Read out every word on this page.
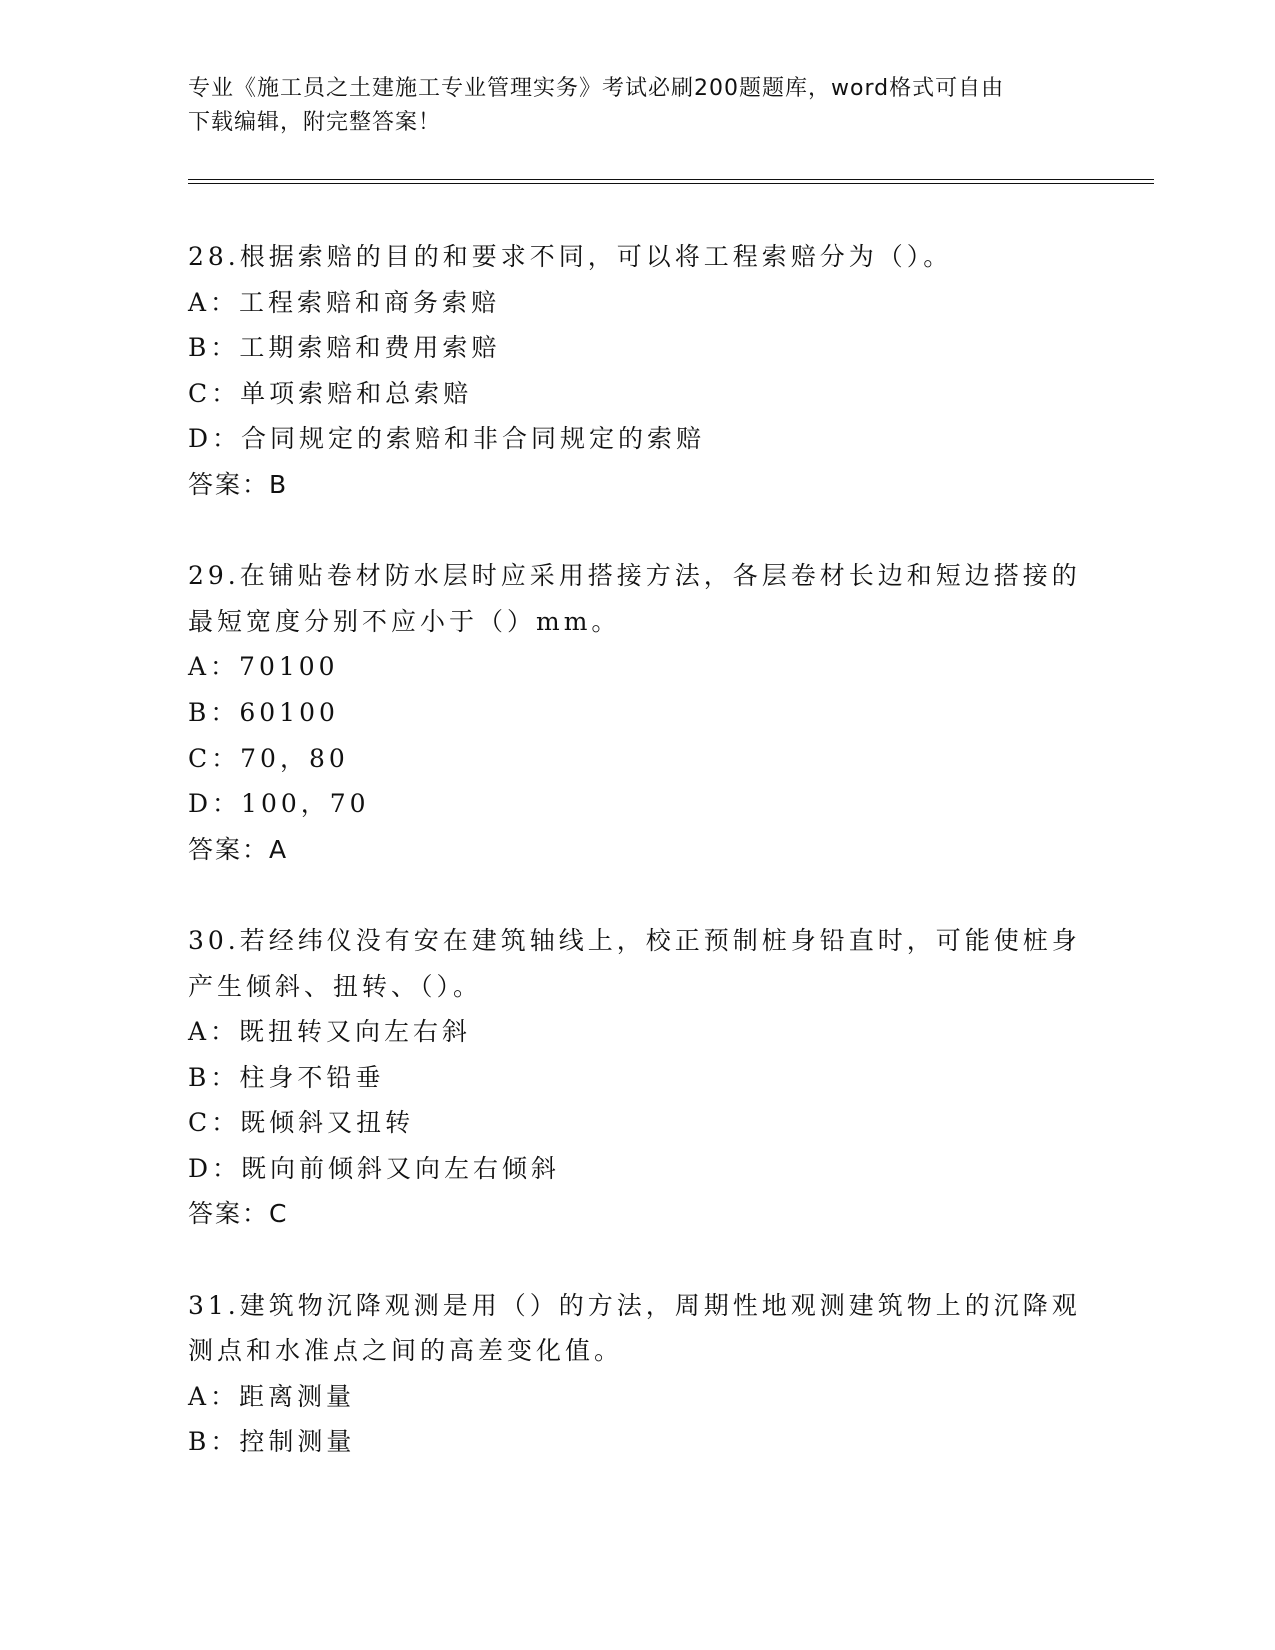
专业《施工员之土建施工专业管理实务》考试必刷200题题库，word格式可自由
下载编辑，附完整答案！

28.根据索赔的目的和要求不同，可以将工程索赔分为（）。

A：工程索赔和商务索赔

B：工期索赔和费用索赔

C：单项索赔和总索赔

D：合同规定的索赔和非合同规定的索赔

答案：B

29.在铺贴卷材防水层时应采用搭接方法，各层卷材长边和短边搭接的最短宽度分别不应小于（）mm。

A：70100

B：60100

C：70，80

D：100，70

答案：A

30.若经纬仪没有安在建筑轴线上，校正预制桩身铅直时，可能使桩身产生倾斜、扭转、（）。

A：既扭转又向左右斜

B：柱身不铅垂

C：既倾斜又扭转

D：既向前倾斜又向左右倾斜

答案：C

31.建筑物沉降观测是用（）的方法，周期性地观测建筑物上的沉降观测点和水准点之间的高差变化值。

A：距离测量

B：控制测量
